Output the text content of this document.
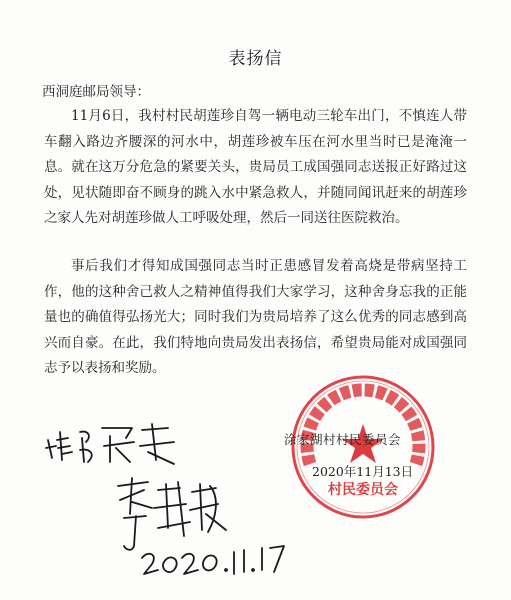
表扬信

西洞庭邮局领导：

11月6日，我村村民胡莲珍自驾一辆电动三轮车出门，不慎连人带车翻入路边齐腰深的河水中，胡莲珍被车压在河水里当时已是淹淹一息。就在这万分危急的紧要关头，贵局员工成国强同志送报正好路过这处，见状随即奋不顾身的跳入水中紧急救人，并随同闻讯赶来的胡莲珍之家人先对胡莲珍做人工呼吸处理，然后一同送往医院救治。

事后我们才得知成国强同志当时正患感冒发着高烧是带病坚持工作，他的这种舍己救人之精神值得我们大家学习，这种舍身忘我的正能量也的确值得弘扬光大；同时我们为贵局培养了这么优秀的同志感到高兴而自豪。在此，我们特地向贵局发出表扬信，希望贵局能对成国强同志予以表扬和奖励。

村民委员会

涂家湖村村民委员会

2020年11月13日
